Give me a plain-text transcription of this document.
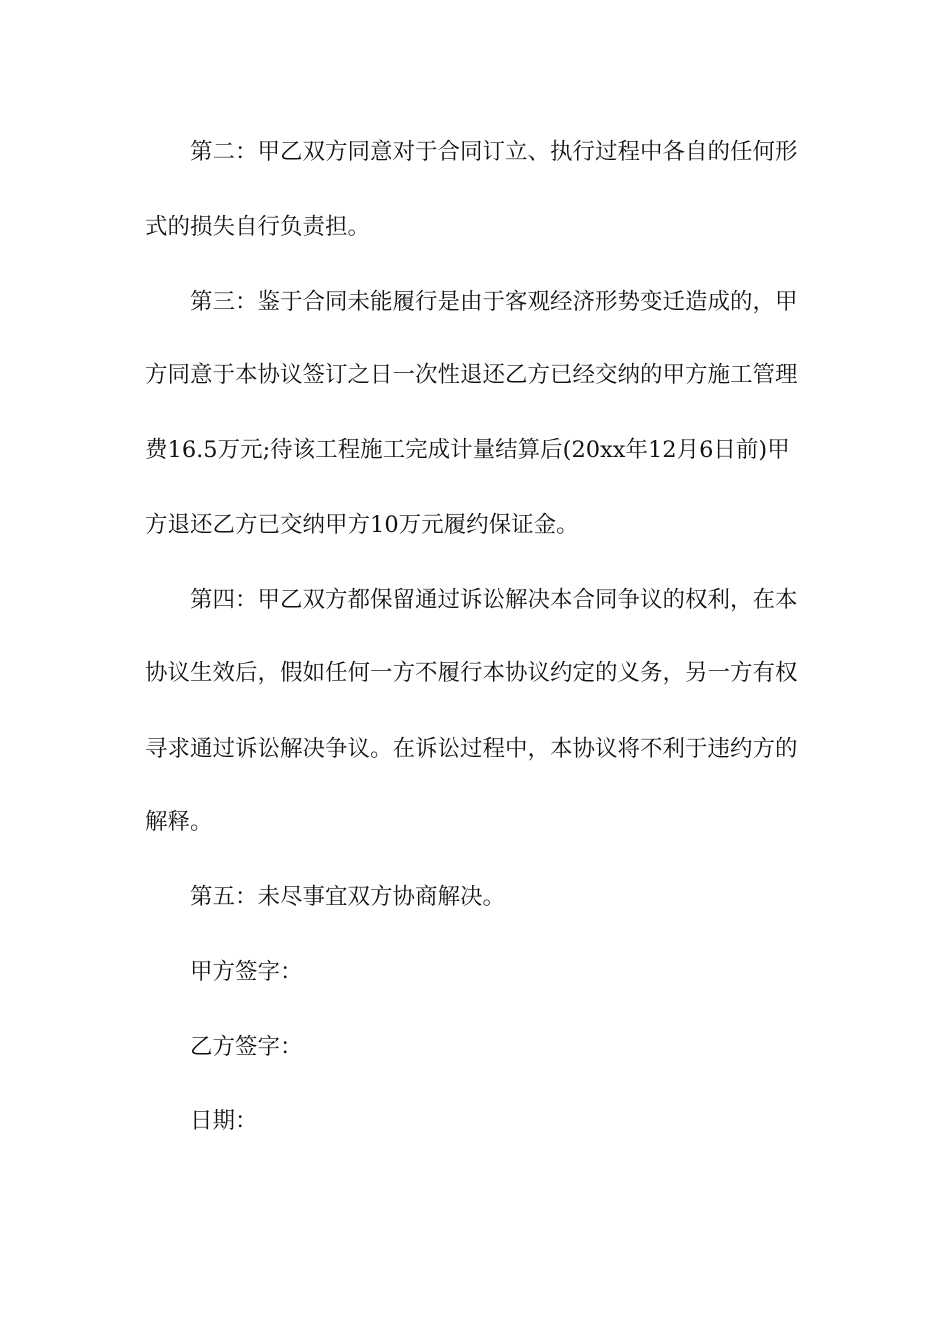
第二：甲乙双方同意对于合同订立、执行过程中各自的任何形
式的损失自行负责担。
第三：鉴于合同未能履行是由于客观经济形势变迁造成的，甲
方同意于本协议签订之日一次性退还乙方已经交纳的甲方施工管理
费16.5万元;待该工程施工完成计量结算后(20xx年12月6日前)甲
方退还乙方已交纳甲方10万元履约保证金。
第四：甲乙双方都保留通过诉讼解决本合同争议的权利，在本
协议生效后，假如任何一方不履行本协议约定的义务，另一方有权
寻求通过诉讼解决争议。在诉讼过程中，本协议将不利于违约方的
解释。
第五：未尽事宜双方协商解决。
甲方签字：
乙方签字：
日期：
